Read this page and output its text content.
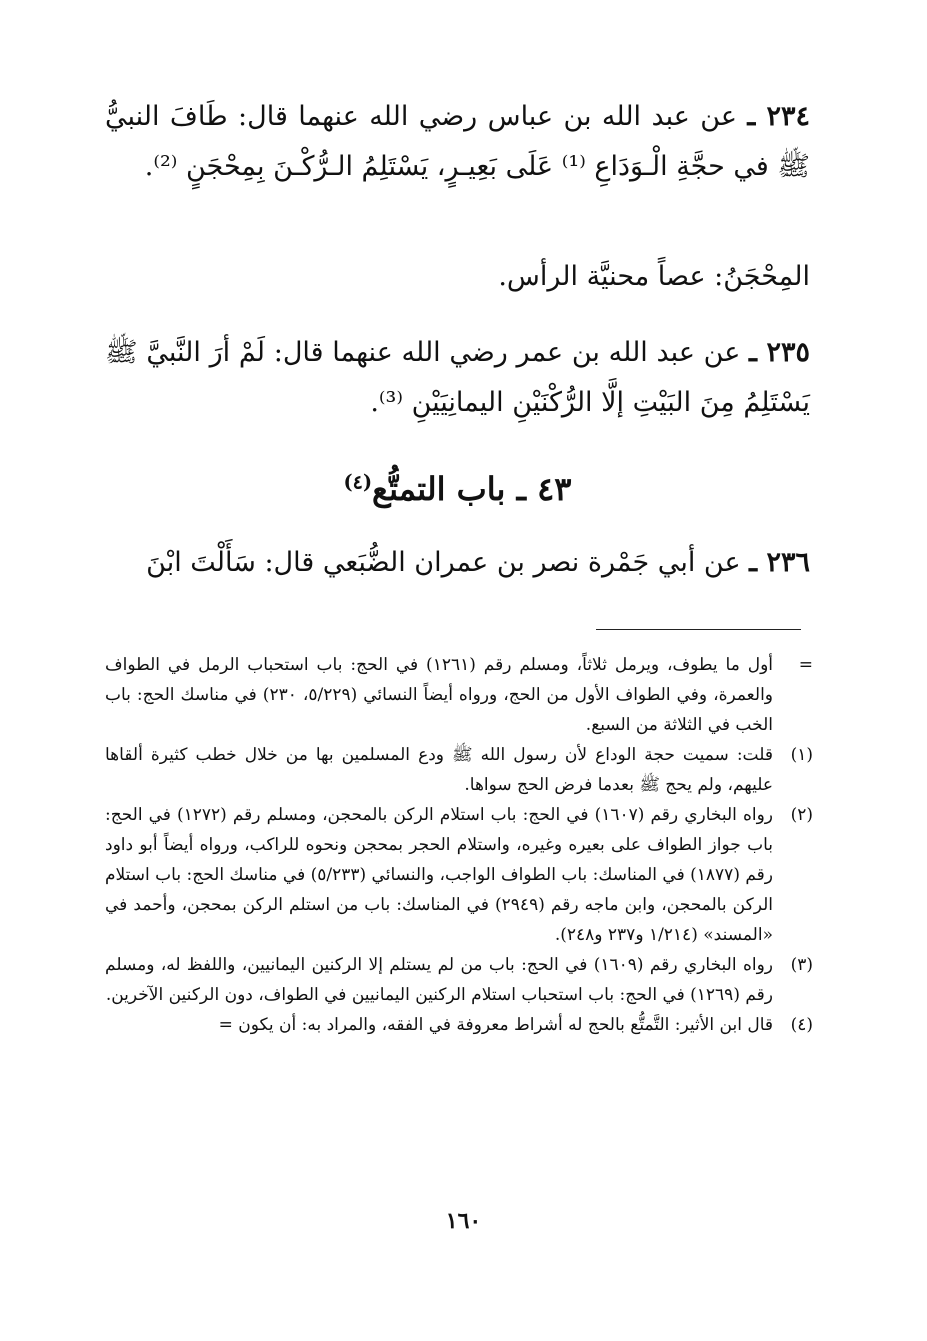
٢٣٤ ـ عن عبد الله بن عباس رضي الله عنهما قال: طَافَ النبيُّ ﷺ في حجَّةِ الْـوَدَاعِ ⁽¹⁾ عَلَى بَعِيـرٍ، يَسْتَلِمُ الـرُّكْـنَ بِمِحْجَنٍ ⁽²⁾.
المِحْجَنُ: عصاً محنيَّة الرأس.
٢٣٥ ـ عن عبد الله بن عمر رضي الله عنهما قال: لَمْ أرَ النَّبيَّ ﷺ يَسْتَلِمُ مِنَ البَيْتِ إلَّا الرُّكْنَيْنِ اليمانِيَيْنِ ⁽³⁾.
٤٣ ـ باب التمتُّع$^{(٤)}$
٢٣٦ ـ عن أبي جَمْرة نصر بن عمران الضُّبَعي قال: سَأَلْتَ ابْنَ
=
أول ما يطوف، ويرمل ثلاثاً، ومسلم رقم (١٢٦١) في الحج: باب استحباب الرمل في الطواف والعمرة، وفي الطواف الأول من الحج، ورواه أيضاً النسائي (٥/٢٢٩، ٢٣٠) في مناسك الحج: باب الخب في الثلاثة من السبع.
(١)
قلت: سميت حجة الوداع لأن رسول الله ﷺ ودع المسلمين بها من خلال خطب كثيرة ألقاها عليهم، ولم يحج ﷺ بعدما فرض الحج سواها.
(٢)
رواه البخاري رقم (١٦٠٧) في الحج: باب استلام الركن بالمحجن، ومسلم رقم (١٢٧٢) في الحج: باب جواز الطواف على بعيره وغيره، واستلام الحجر بمحجن ونحوه للراكب، ورواه أيضاً أبو داود رقم (١٨٧٧) في المناسك: باب الطواف الواجب، والنسائي (٥/٢٣٣) في مناسك الحج: باب استلام الركن بالمحجن، وابن ماجه رقم (٢٩٤٩) في المناسك: باب من استلم الركن بمحجن، وأحمد في «المسند» (١/٢١٤ و٢٣٧ و٢٤٨).
(٣)
رواه البخاري رقم (١٦٠٩) في الحج: باب من لم يستلم إلا الركنين اليمانيين، واللفظ له، ومسلم رقم (١٢٦٩) في الحج: باب استحباب استلام الركنين اليمانيين في الطواف، دون الركنين الآخرين.
(٤)
قال ابن الأثير: التَّمتُّع بالحج له أشراط معروفة في الفقه، والمراد به: أن يكون =
١٦٠
